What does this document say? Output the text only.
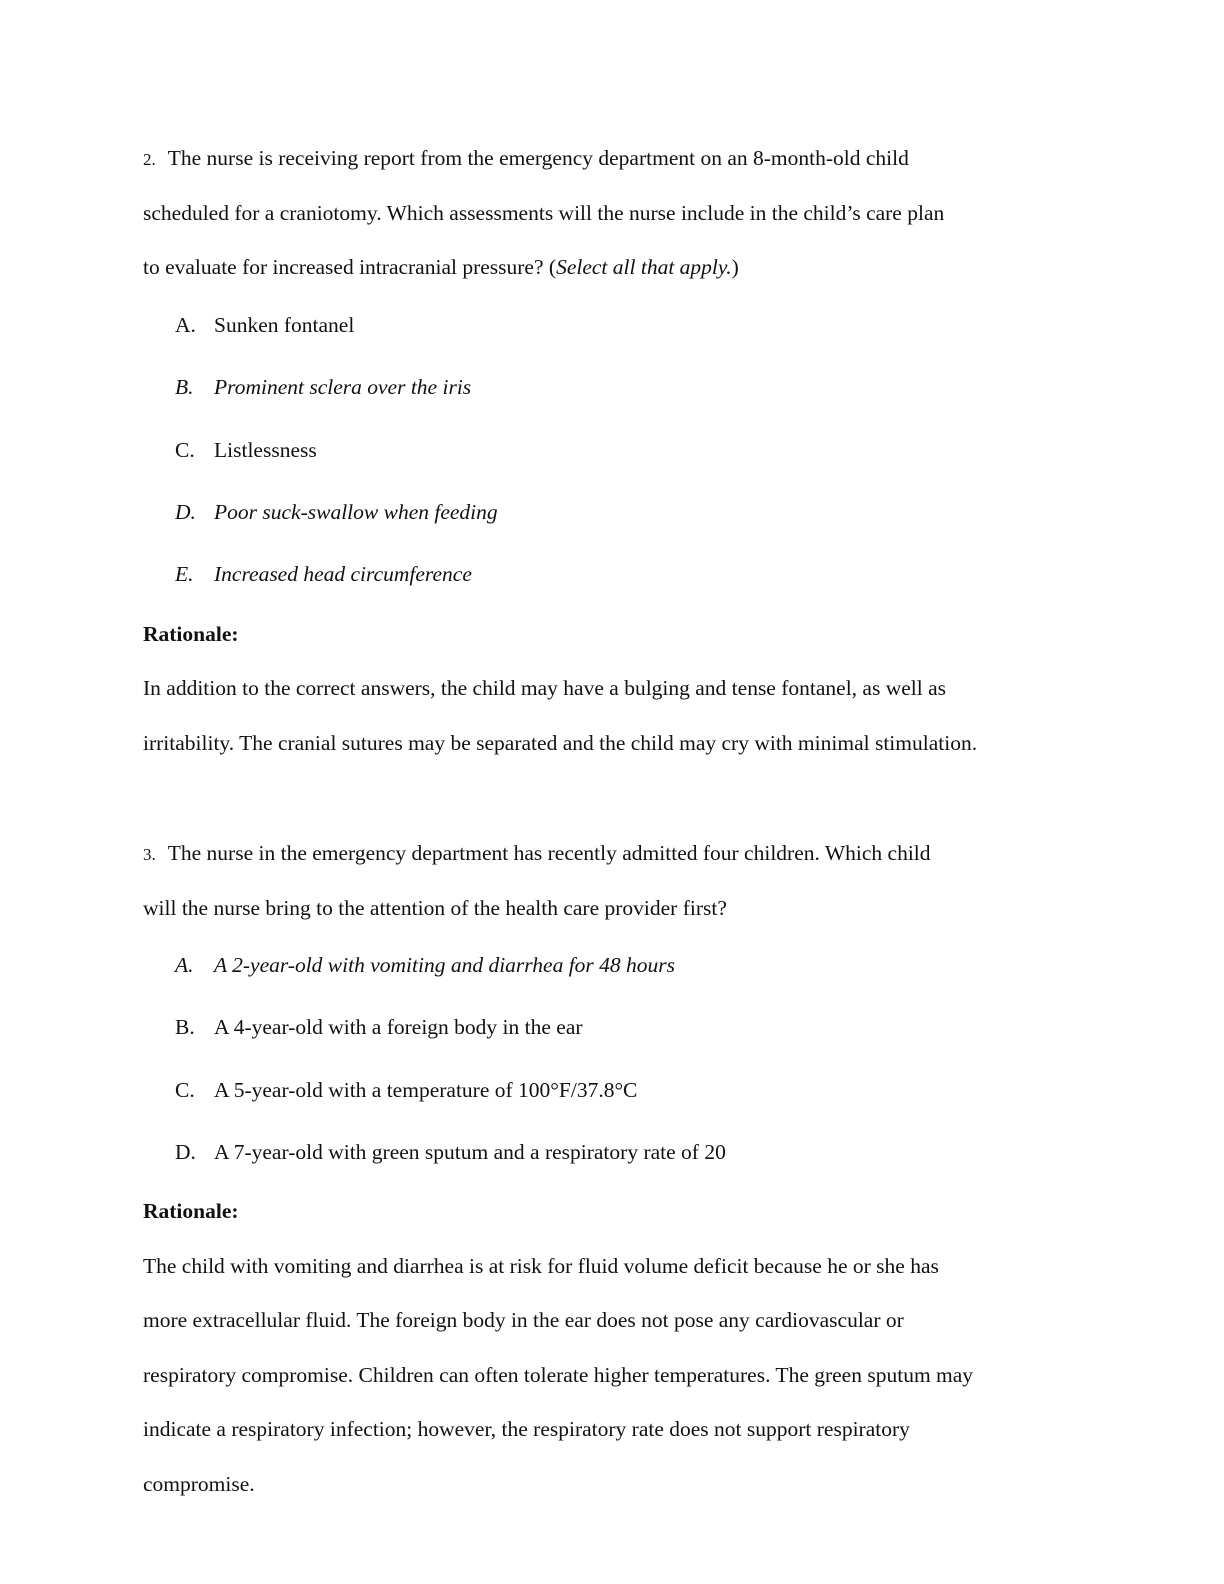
2. The nurse is receiving report from the emergency department on an 8-month-old child
scheduled for a craniotomy. Which assessments will the nurse include in the child’s care plan
to evaluate for increased intracranial pressure? (Select all that apply.)
A. Sunken fontanel
B. Prominent sclera over the iris
C. Listlessness
D. Poor suck-swallow when feeding
E. Increased head circumference
Rationale:
In addition to the correct answers, the child may have a bulging and tense fontanel, as well as
irritability. The cranial sutures may be separated and the child may cry with minimal stimulation.
3. The nurse in the emergency department has recently admitted four children. Which child
will the nurse bring to the attention of the health care provider first?
A. A 2-year-old with vomiting and diarrhea for 48 hours
B. A 4-year-old with a foreign body in the ear
C. A 5-year-old with a temperature of 100°F/37.8°C
D. A 7-year-old with green sputum and a respiratory rate of 20
Rationale:
The child with vomiting and diarrhea is at risk for fluid volume deficit because he or she has
more extracellular fluid. The foreign body in the ear does not pose any cardiovascular or
respiratory compromise. Children can often tolerate higher temperatures. The green sputum may
indicate a respiratory infection; however, the respiratory rate does not support respiratory
compromise.
